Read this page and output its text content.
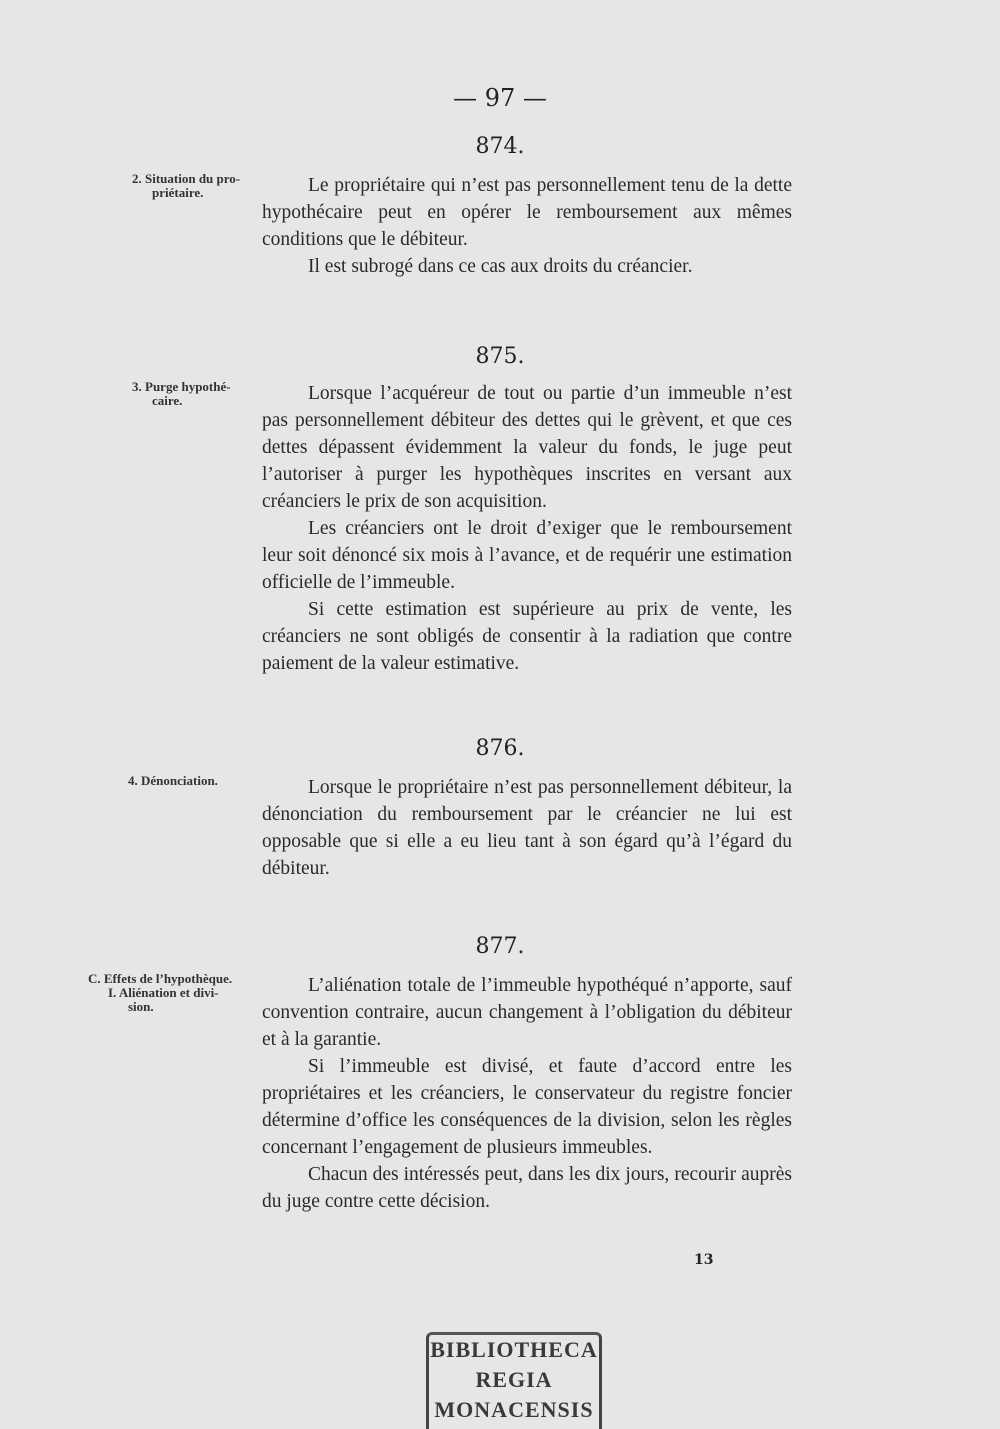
— 97 —
874.
2. Situation du pro-
priétaire.	Le propriétaire qui n’est pas personnellement tenu de la dette hypothécaire peut en opérer le remboursement aux mêmes conditions que le débiteur.

Il est subrogé dans ce cas aux droits du créancier.

875.
3. Purge hypothé-
caire.	Lorsque l’acquéreur de tout ou partie d’un immeuble n’est pas personnellement débiteur des dettes qui le grèvent, et que ces dettes dépassent évidemment la valeur du fonds, le juge peut l’autoriser à purger les hypothèques inscrites en versant aux créanciers le prix de son acquisition.

Les créanciers ont le droit d’exiger que le remboursement leur soit dénoncé six mois à l’avance, et de requérir une estimation officielle de l’immeuble.

Si cette estimation est supérieure au prix de vente, les créanciers ne sont obligés de consentir à la radiation que contre paiement de la valeur estimative.

876.
4. Dénonciation.	Lorsque le propriétaire n’est pas personnellement débiteur, la dénonciation du remboursement par le créancier ne lui est opposable que si elle a eu lieu tant à son égard qu’à l’égard du débiteur.

877.
C. Effets de l’hypothèque.
I. Aliénation et divi-
sion.

L’aliénation totale de l’immeuble hypothéqué n’apporte, sauf convention contraire, aucun changement à l’obligation du débiteur et à la garantie.

Si l’immeuble est divisé, et faute d’accord entre les propriétaires et les créanciers, le conservateur du registre foncier détermine d’office les conséquences de la division, selon les règles concernant l’engagement de plusieurs immeubles.

Chacun des intéressés peut, dans les dix jours, recourir auprès du juge contre cette décision.

13
BIBLIOTHECA
REGIA
MONACENSIS
